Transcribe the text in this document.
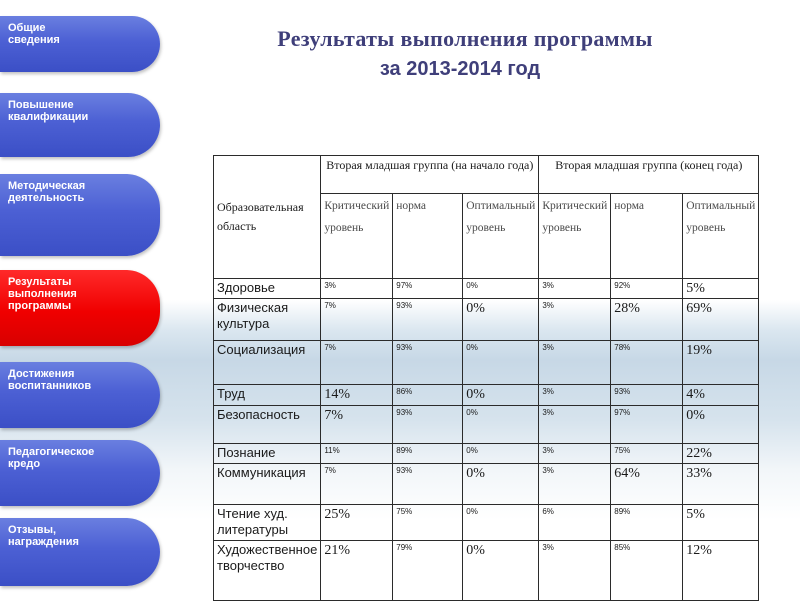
Общие
сведения
Повышение
квалификации
Методическая
деятельность
Результаты
выполнения
программы
Достижения
воспитанников
Педагогическое
кредо
Отзывы,
награждения
Результаты выполнения программы
за 2013-2014 год
Образовательная область	Вторая младшая группа (на начало года)			Вторая младшая группа (конец года)		
	Критический уровень	норма	Оптимальный уровень	Критический уровень	норма	Оптимальный уровень
Здоровье	3%	97%	0%	3%	92%	5%
Физическая культура	7%	93%	0%	3%	28%	69%
Социализация	7%	93%	0%	3%	78%	19%
Труд	14%	86%	0%	3%	93%	4%
Безопасность	7%	93%	0%	3%	97%	0%
Познание	11%	89%	0%	3%	75%	22%
Коммуникация	7%	93%	0%	3%	64%	33%
Чтение худ. литературы	25%	75%	0%	6%	89%	5%
Художественное творчество	21%	79%	0%	3%	85%	12%
